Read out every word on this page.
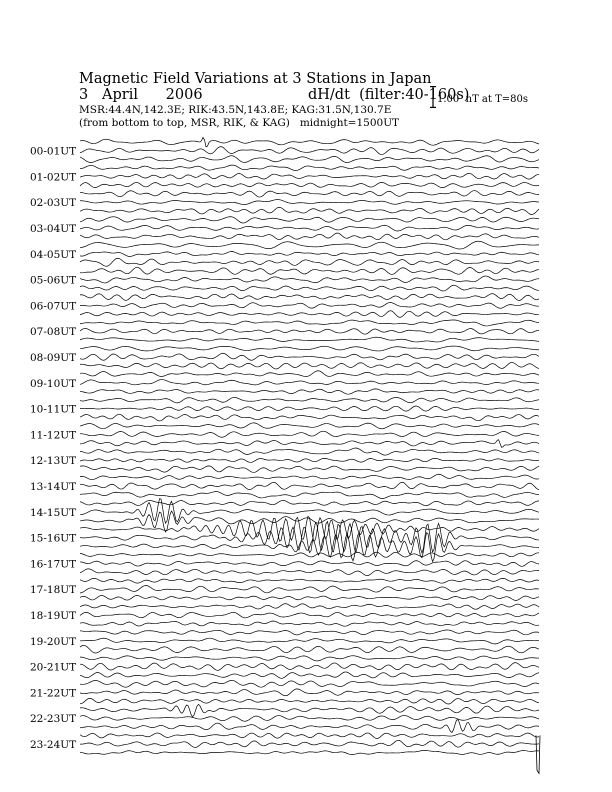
Magnetic Field Variations at 3 Stations in Japan
3   April      2006	dH/dt  (filter:40-160s)
MSR:44.4N,142.3E; RIK:43.5N,143.8E; KAG:31.5N,130.7E
(from bottom to top, MSR, RIK, & KAG)   midnight=1500UT
1.00  nT at T=80s
00-01UT
01-02UT
02-03UT
03-04UT
04-05UT
05-06UT
06-07UT
07-08UT
08-09UT
09-10UT
10-11UT
11-12UT
12-13UT
13-14UT
14-15UT
15-16UT
16-17UT
17-18UT
18-19UT
19-20UT
20-21UT
21-22UT
22-23UT
23-24UT
